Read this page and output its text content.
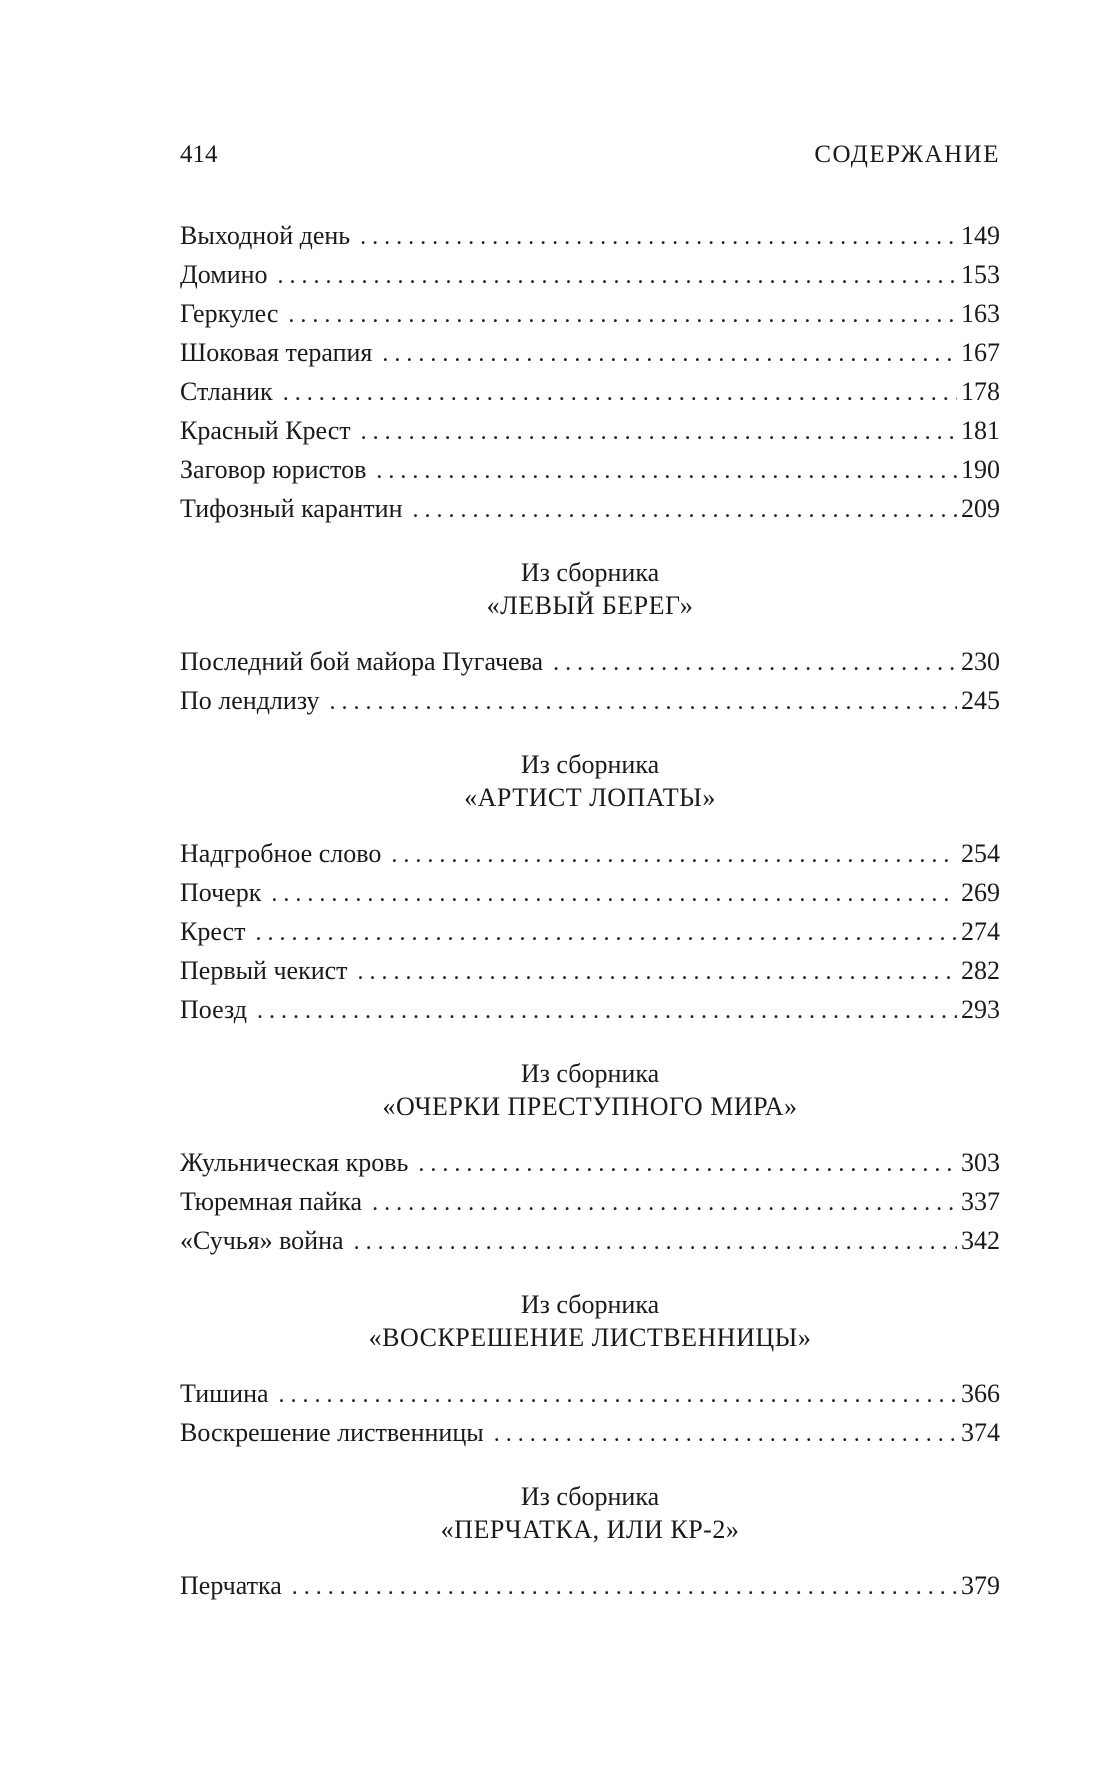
414	СОДЕРЖАНИЕ
Выходной день . . .	149
Домино . . .	153
Геркулес . . .	163
Шоковая терапия . . .	167
Стланик . . .	178
Красный Крест . . .	181
Заговор юристов . . .	190
Тифозный карантин . . .	209
Из сборника
«ЛЕВЫЙ БЕРЕГ»
Последний бой майора Пугачева . . .	230
По лендлизу . . .	245
Из сборника
«АРТИСТ ЛОПАТЫ»
Надгробное слово . . .	254
Почерк . . .	269
Крест . . .	274
Первый чекист . . .	282
Поезд . . .	293
Из сборника
«ОЧЕРКИ ПРЕСТУПНОГО МИРА»
Жульническая кровь . . .	303
Тюремная пайка . . .	337
«Сучья» война . . .	342
Из сборника
«ВОСКРЕШЕНИЕ ЛИСТВЕННИЦЫ»
Тишина . . .	366
Воскрешение лиственницы . . .	374
Из сборника
«ПЕРЧАТКА, ИЛИ КР-2»
Перчатка . . .	379
